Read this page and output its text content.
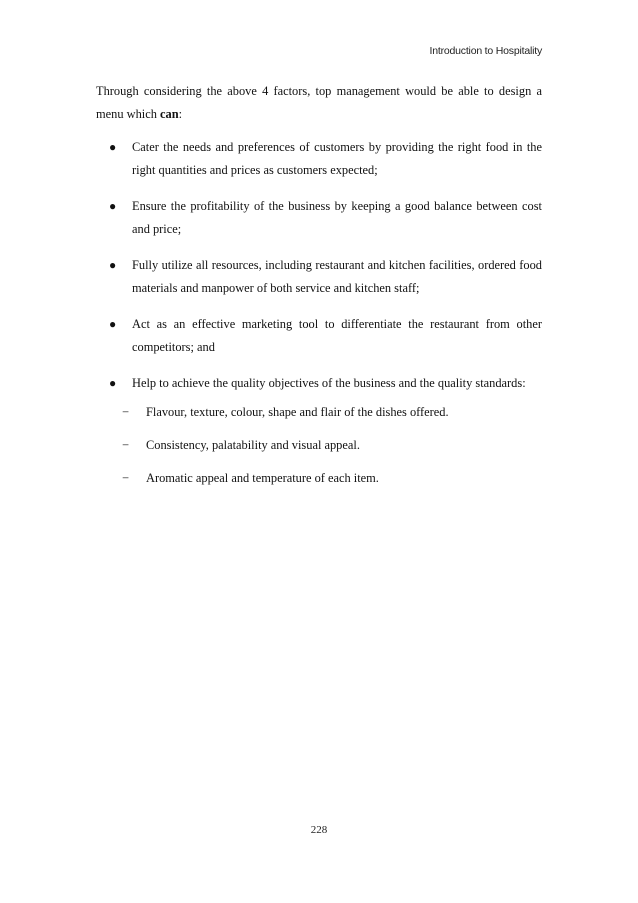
Introduction to Hospitality

Through considering the above 4 factors, top management would be able to design a menu which can:

● Cater the needs and preferences of customers by providing the right food in the right quantities and prices as customers expected;
● Ensure the profitability of the business by keeping a good balance between cost and price;
● Fully utilize all resources, including restaurant and kitchen facilities, ordered food materials and manpower of both service and kitchen staff;
● Act as an effective marketing tool to differentiate the restaurant from other competitors; and
● Help to achieve the quality objectives of the business and the quality standards:
− Flavour, texture, colour, shape and flair of the dishes offered.
− Consistency, palatability and visual appeal.
− Aromatic appeal and temperature of each item.
228
